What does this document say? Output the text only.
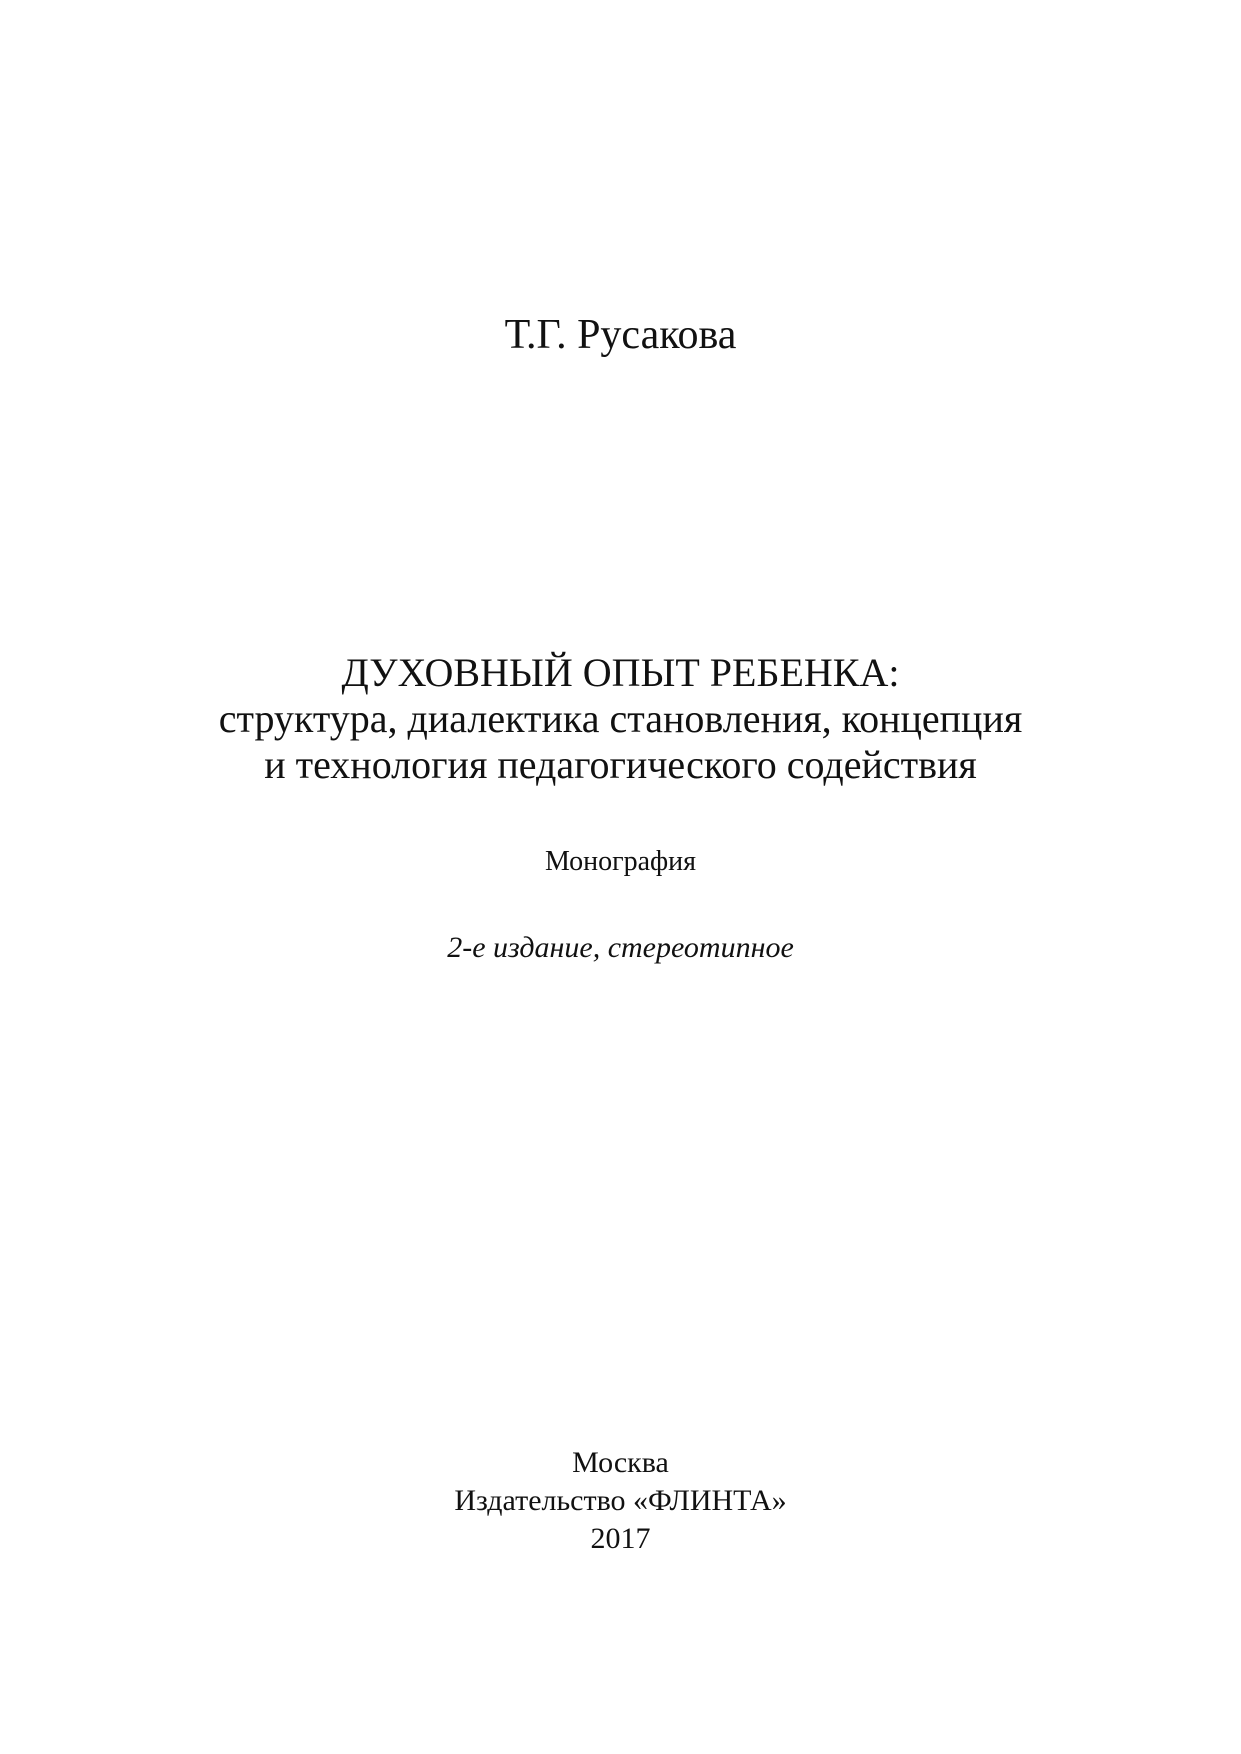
Т.Г. Русакова
ДУХОВНЫЙ ОПЫТ РЕБЕНКА:
структура, диалектика становления, концепция
и технология педагогического содействия
Монография
2-е издание, стереотипное
Москва
Издательство «ФЛИНТА»
2017
